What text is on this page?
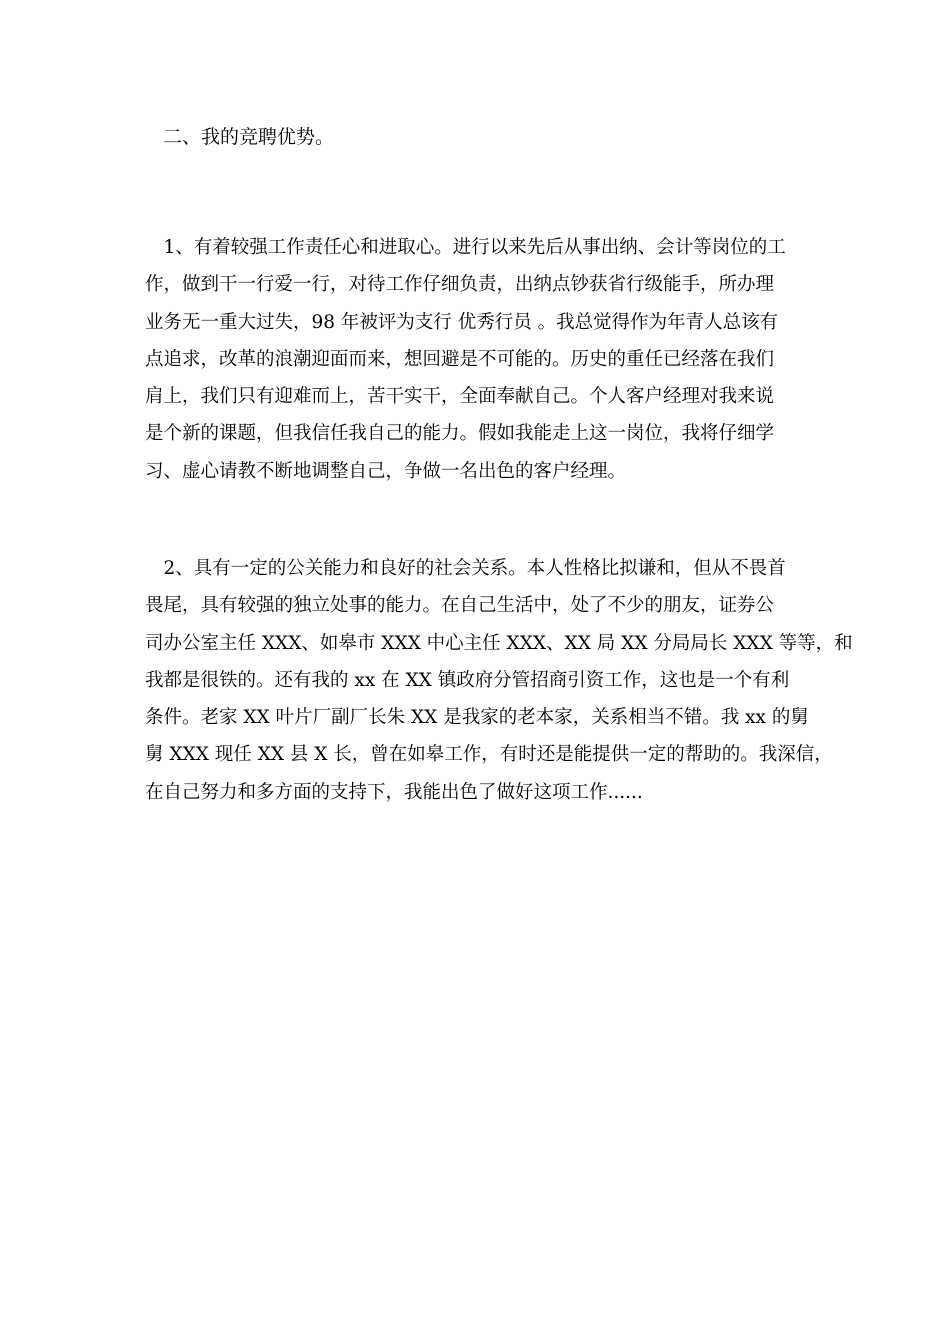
二、我的竞聘优势。
　1、有着较强工作责任心和进取心。进行以来先后从事出纳、会计等岗位的工
作，做到干一行爱一行，对待工作仔细负责，出纳点钞获省行级能手，所办理
业务无一重大过失，98 年被评为支行 优秀行员 。我总觉得作为年青人总该有
点追求，改革的浪潮迎面而来，想回避是不可能的。历史的重任已经落在我们
肩上，我们只有迎难而上，苦干实干，全面奉献自己。个人客户经理对我来说
是个新的课题，但我信任我自己的能力。假如我能走上这一岗位，我将仔细学
习、虚心请教不断地调整自己，争做一名出色的客户经理。
　2、具有一定的公关能力和良好的社会关系。本人性格比拟谦和，但从不畏首
畏尾，具有较强的独立处事的能力。在自己生活中，处了不少的朋友，证券公
司办公室主任 XXX、如皋市 XXX 中心主任 XXX、XX 局 XX 分局局长 XXX 等等，和
我都是很铁的。还有我的 xx 在 XX 镇政府分管招商引资工作，这也是一个有利
条件。老家 XX 叶片厂副厂长朱 XX 是我家的老本家，关系相当不错。我 xx 的舅
舅 XXX 现任 XX 县 X 长，曾在如皋工作，有时还是能提供一定的帮助的。我深信，
在自己努力和多方面的支持下，我能出色了做好这项工作......
